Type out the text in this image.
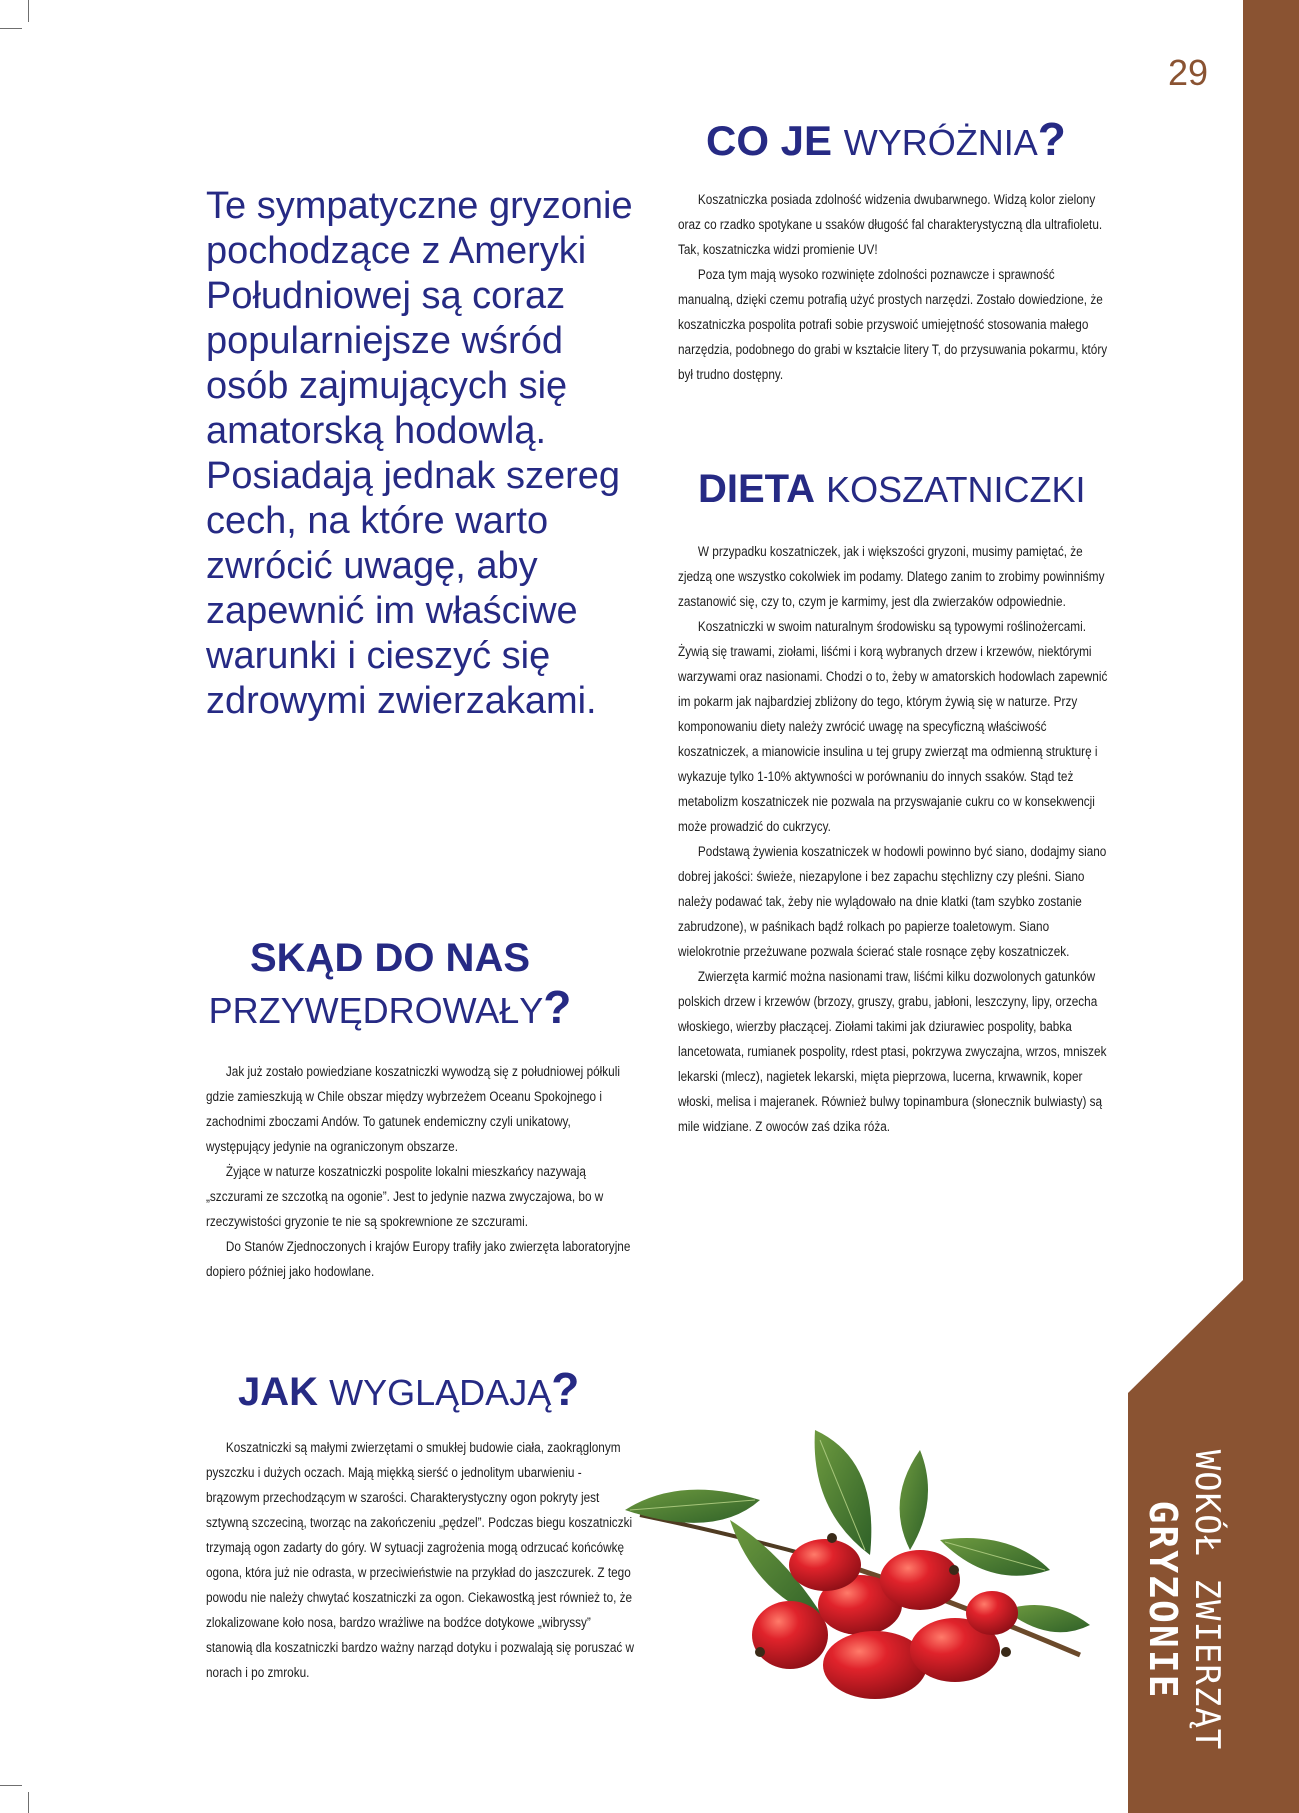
WOKÓŁ ZWIERZĄT
GRYZONIE
29
Te sympatyczne gryzonie pochodzące z Ameryki Południowej są coraz popularniejsze wśród osób zajmujących się amatorską hodowlą. Posiadają jednak szereg cech, na które warto zwrócić uwagę, aby zapewnić im właściwe warunki i cieszyć się zdrowymi zwierzakami.
CO JE WYRÓŻNIA?

Koszatniczka posiada zdolność widzenia dwubarwnego. Widzą kolor zielony oraz co rzadko spotykane u ssaków długość fal charakterystyczną dla ultrafioletu. Tak, koszatniczka widzi promienie UV!

Poza tym mają wysoko rozwinięte zdolności poznawcze i sprawność manualną, dzięki czemu potrafią użyć prostych narzędzi. Zostało dowiedzione, że koszatniczka pospolita potrafi sobie przyswoić umiejętność stosowania małego narzędzia, podobnego do grabi w kształcie litery T, do przysuwania pokarmu, który był trudno dostępny.

DIETA KOSZATNICZKI

W przypadku koszatniczek, jak i większości gryzoni, musimy pamiętać, że zjedzą one wszystko cokolwiek im podamy. Dlatego zanim to zrobimy powinniśmy zastanowić się, czy to, czym je karmimy, jest dla zwierzaków odpowiednie.

Koszatniczki w swoim naturalnym środowisku są typowymi roślinożercami. Żywią się trawami, ziołami, liśćmi i korą wybranych drzew i krzewów, niektórymi warzywami oraz nasionami. Chodzi o to, żeby w amatorskich hodowlach zapewnić im pokarm jak najbardziej zbliżony do tego, którym żywią się w naturze. Przy komponowaniu diety należy zwrócić uwagę na specyficzną właściwość koszatniczek, a mianowicie insulina u tej grupy zwierząt ma odmienną strukturę i wykazuje tylko 1-10% aktywności w porównaniu do innych ssaków. Stąd też metabolizm koszatniczek nie pozwala na przyswajanie cukru co w konsekwencji może prowadzić do cukrzycy.

Podstawą żywienia koszatniczek w hodowli powinno być siano, dodajmy siano dobrej jakości: świeże, niezapylone i bez zapachu stęchlizny czy pleśni. Siano należy podawać tak, żeby nie wylądowało na dnie klatki (tam szybko zostanie zabrudzone), w paśnikach bądź rolkach po papierze toaletowym. Siano wielokrotnie przeżuwane pozwala ścierać stale rosnące zęby koszatniczek.

Zwierzęta karmić można nasionami traw, liśćmi kilku dozwolonych gatunków polskich drzew i krzewów (brzozy, gruszy, grabu, jabłoni, leszczyny, lipy, orzecha włoskiego, wierzby płaczącej. Ziołami takimi jak dziurawiec pospolity, babka lancetowata, rumianek pospolity, rdest ptasi, pokrzywa zwyczajna, wrzos, mniszek lekarski (mlecz), nagietek lekarski, mięta pieprzowa, lucerna, krwawnik, koper włoski, melisa i majeranek. Również bulwy topinambura (słonecznik bulwiasty) są mile widziane. Z owoców zaś dzika róża.

SKĄD DO NAS
PRZYWĘDROWAŁY?

Jak już zostało powiedziane koszatniczki wywodzą się z południowej półkuli gdzie zamieszkują w Chile obszar między wybrzeżem Oceanu Spokojnego i zachodnimi zboczami Andów. To gatunek endemiczny czyli unikatowy, występujący jedynie na ograniczonym obszarze.

Żyjące w naturze koszatniczki pospolite lokalni mieszkańcy nazywają „szczurami ze szczotką na ogonie”. Jest to jedynie nazwa zwyczajowa, bo w rzeczywistości gryzonie te nie są spokrewnione ze szczurami.

Do Stanów Zjednoczonych i krajów Europy trafiły jako zwierzęta laboratoryjne dopiero później jako hodowlane.

JAK WYGLĄDAJĄ?

Koszatniczki są małymi zwierzętami o smukłej budowie ciała, zaokrąglonym pyszczku i dużych oczach. Mają miękką sierść o jednolitym ubarwieniu - brązowym przechodzącym w szarości. Charakterystyczny ogon pokryty jest sztywną szczeciną, tworząc na zakończeniu „pędzel”. Podczas biegu koszatniczki trzymają ogon zadarty do góry. W sytuacji zagrożenia mogą odrzucać końcówkę ogona, która już nie odrasta, w przeciwieństwie na przykład do jaszczurek. Z tego powodu nie należy chwytać koszatniczki za ogon. Ciekawostką jest również to, że zlokalizowane koło nosa, bardzo wrażliwe na bodźce dotykowe „wibryssy” stanowią dla koszatniczki bardzo ważny narząd dotyku i pozwalają się poruszać w norach i po zmroku.
